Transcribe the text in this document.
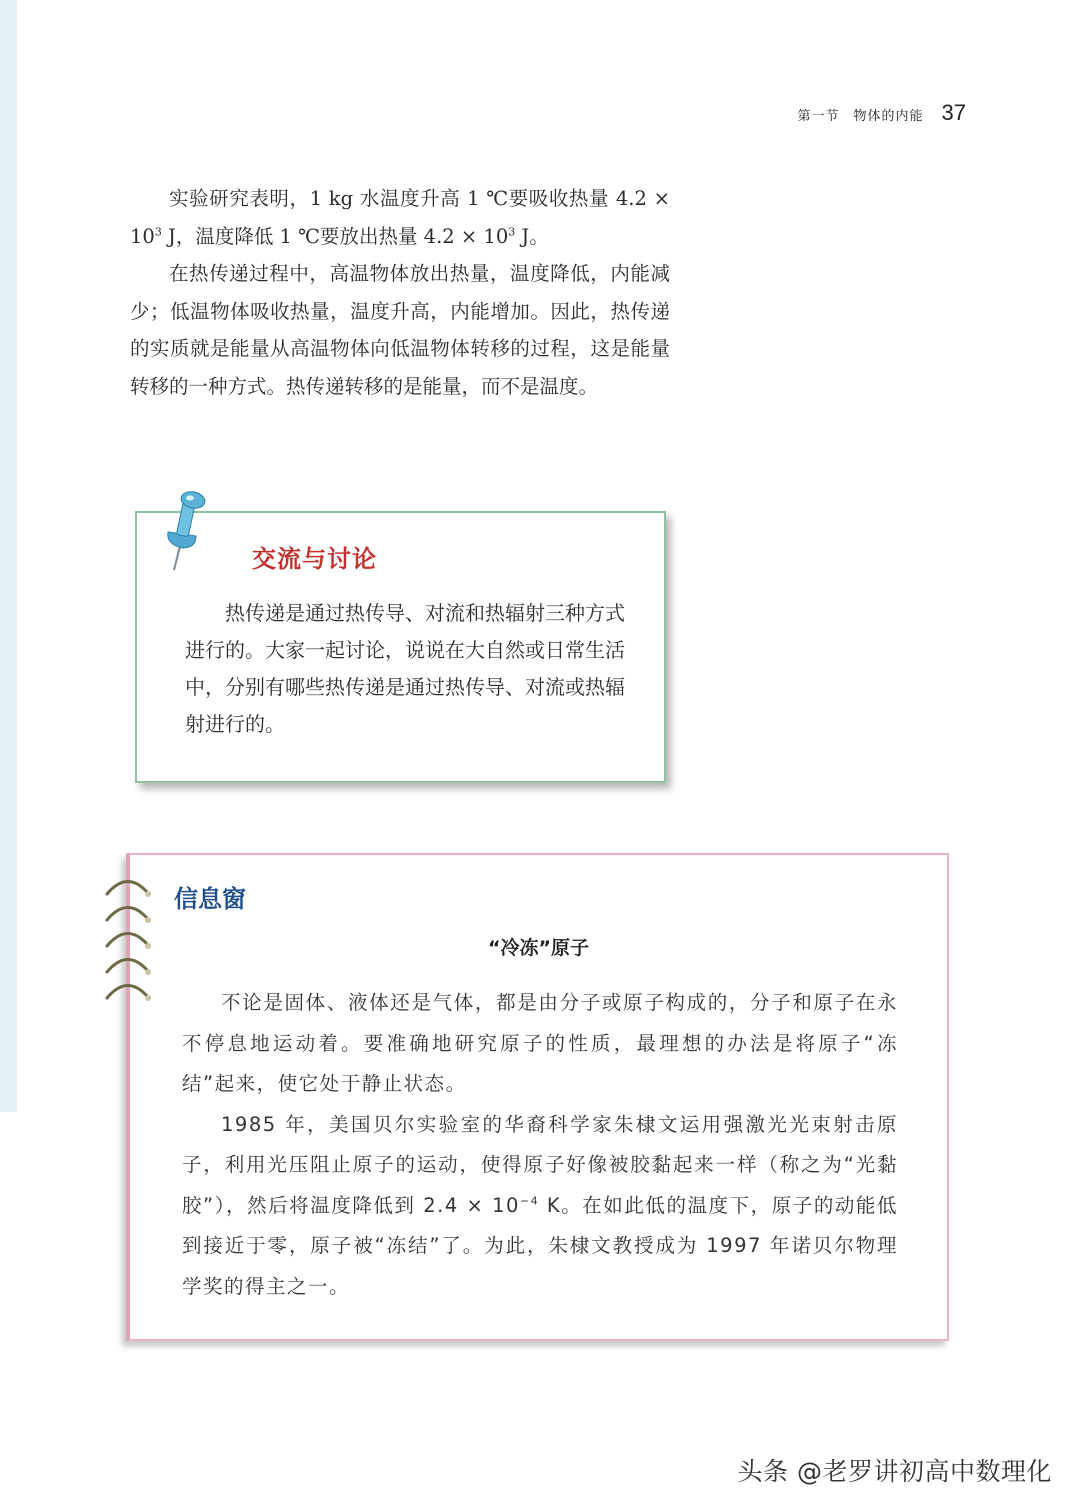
第一节　物体的内能 37

实验研究表明，1 kg 水温度升高 1 ℃要吸收热量 $4.2 \times 10^3$ J，温度降低 1 ℃要放出热量 $4.2 \times 10^3$ J。

在热传递过程中，高温物体放出热量，温度降低，内能减少；低温物体吸收热量，温度升高，内能增加。因此，热传递的实质就是能量从高温物体向低温物体转移的过程，这是能量转移的一种方式。热传递转移的是能量，而不是温度。

交流与讨论

热传递是通过热传导、对流和热辐射三种方式进行的。大家一起讨论，说说在大自然或日常生活中，分别有哪些热传递是通过热传导、对流或热辐射进行的。

信息窗
“冷冻”原子

不论是固体、液体还是气体，都是由分子或原子构成的，分子和原子在永不停息地运动着。要准确地研究原子的性质，最理想的办法是将原子“冻结”起来，使它处于静止状态。

1985 年，美国贝尔实验室的华裔科学家朱棣文运用强激光光束射击原子，利用光压阻止原子的运动，使得原子好像被胶黏起来一样（称之为“光黏胶”），然后将温度降低到 $2.4 \times 10^{-4}$ K。在如此低的温度下，原子的动能低到接近于零，原子被“冻结”了。为此，朱棣文教授成为 1997 年诺贝尔物理学奖的得主之一。

头条 @老罗讲初高中数理化
